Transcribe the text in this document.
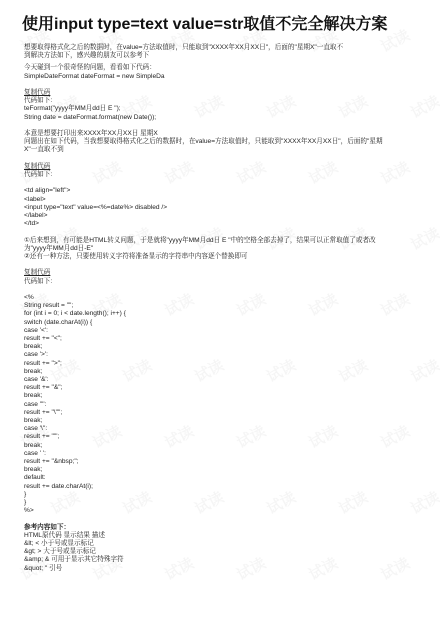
使用input type=text value=str取值不完全解决方案
想要取得格式化之后的数据时，在value=方法取值时，只能取到"XXXX年XX月XX日"，后面的"星期X"一直取不
到解决方法如下，感兴趣的朋友可以参考下
今天碰到一个很奇怪的问题，看看如下代码：
SimpleDateFormat dateFormat = new SimpleDa
复制代码
代码如下:
teFormat("yyyy年MM月dd日 E ");
String date = dateFormat.format(new Date());
本意是想要打印出来XXXX年XX月XX日 星期X
问题出在如下代码，当我想要取得格式化之后的数据时，在value=方法取值时，只能取到"XXXX年XX月XX日"，后面的"星期
X"一直取不到
复制代码
代码如下:
<td align="left">
<label>
<input type="text" value=<%=date%> disabled />
</label>
</td>
①后来想到，有可能是HTML转义问题，于是就将"yyyy年MM月dd日 E "中的空格全部去掉了，结果可以正常取值了或者改
为"yyyy年MM月dd日-E"
②还有一种方法，只要使用转义字符将准备显示的字符串中内容逐个替换即可
复制代码
代码如下:
<%
String result = "";
for (int i = 0; i < date.length(); i++) {
switch (date.charAt(i)) {
case '<':
result += "<";
break;
case '>':
result += ">";
break;
case '&':
result += "&";
break;
case '"':
result += "\"";
break;
case '\'':
result += "'";
break;
case ' ':
result += "&nbsp;";
break;
default:
result += date.charAt(i);
}
}
%>
参考内容如下：
HTML原代码 显示结果 描述
&lt; < 小于号或显示标记
&gt; > 大于号或显示标记
&amp; & 可用于显示其它特殊字符
&quot; " 引号
